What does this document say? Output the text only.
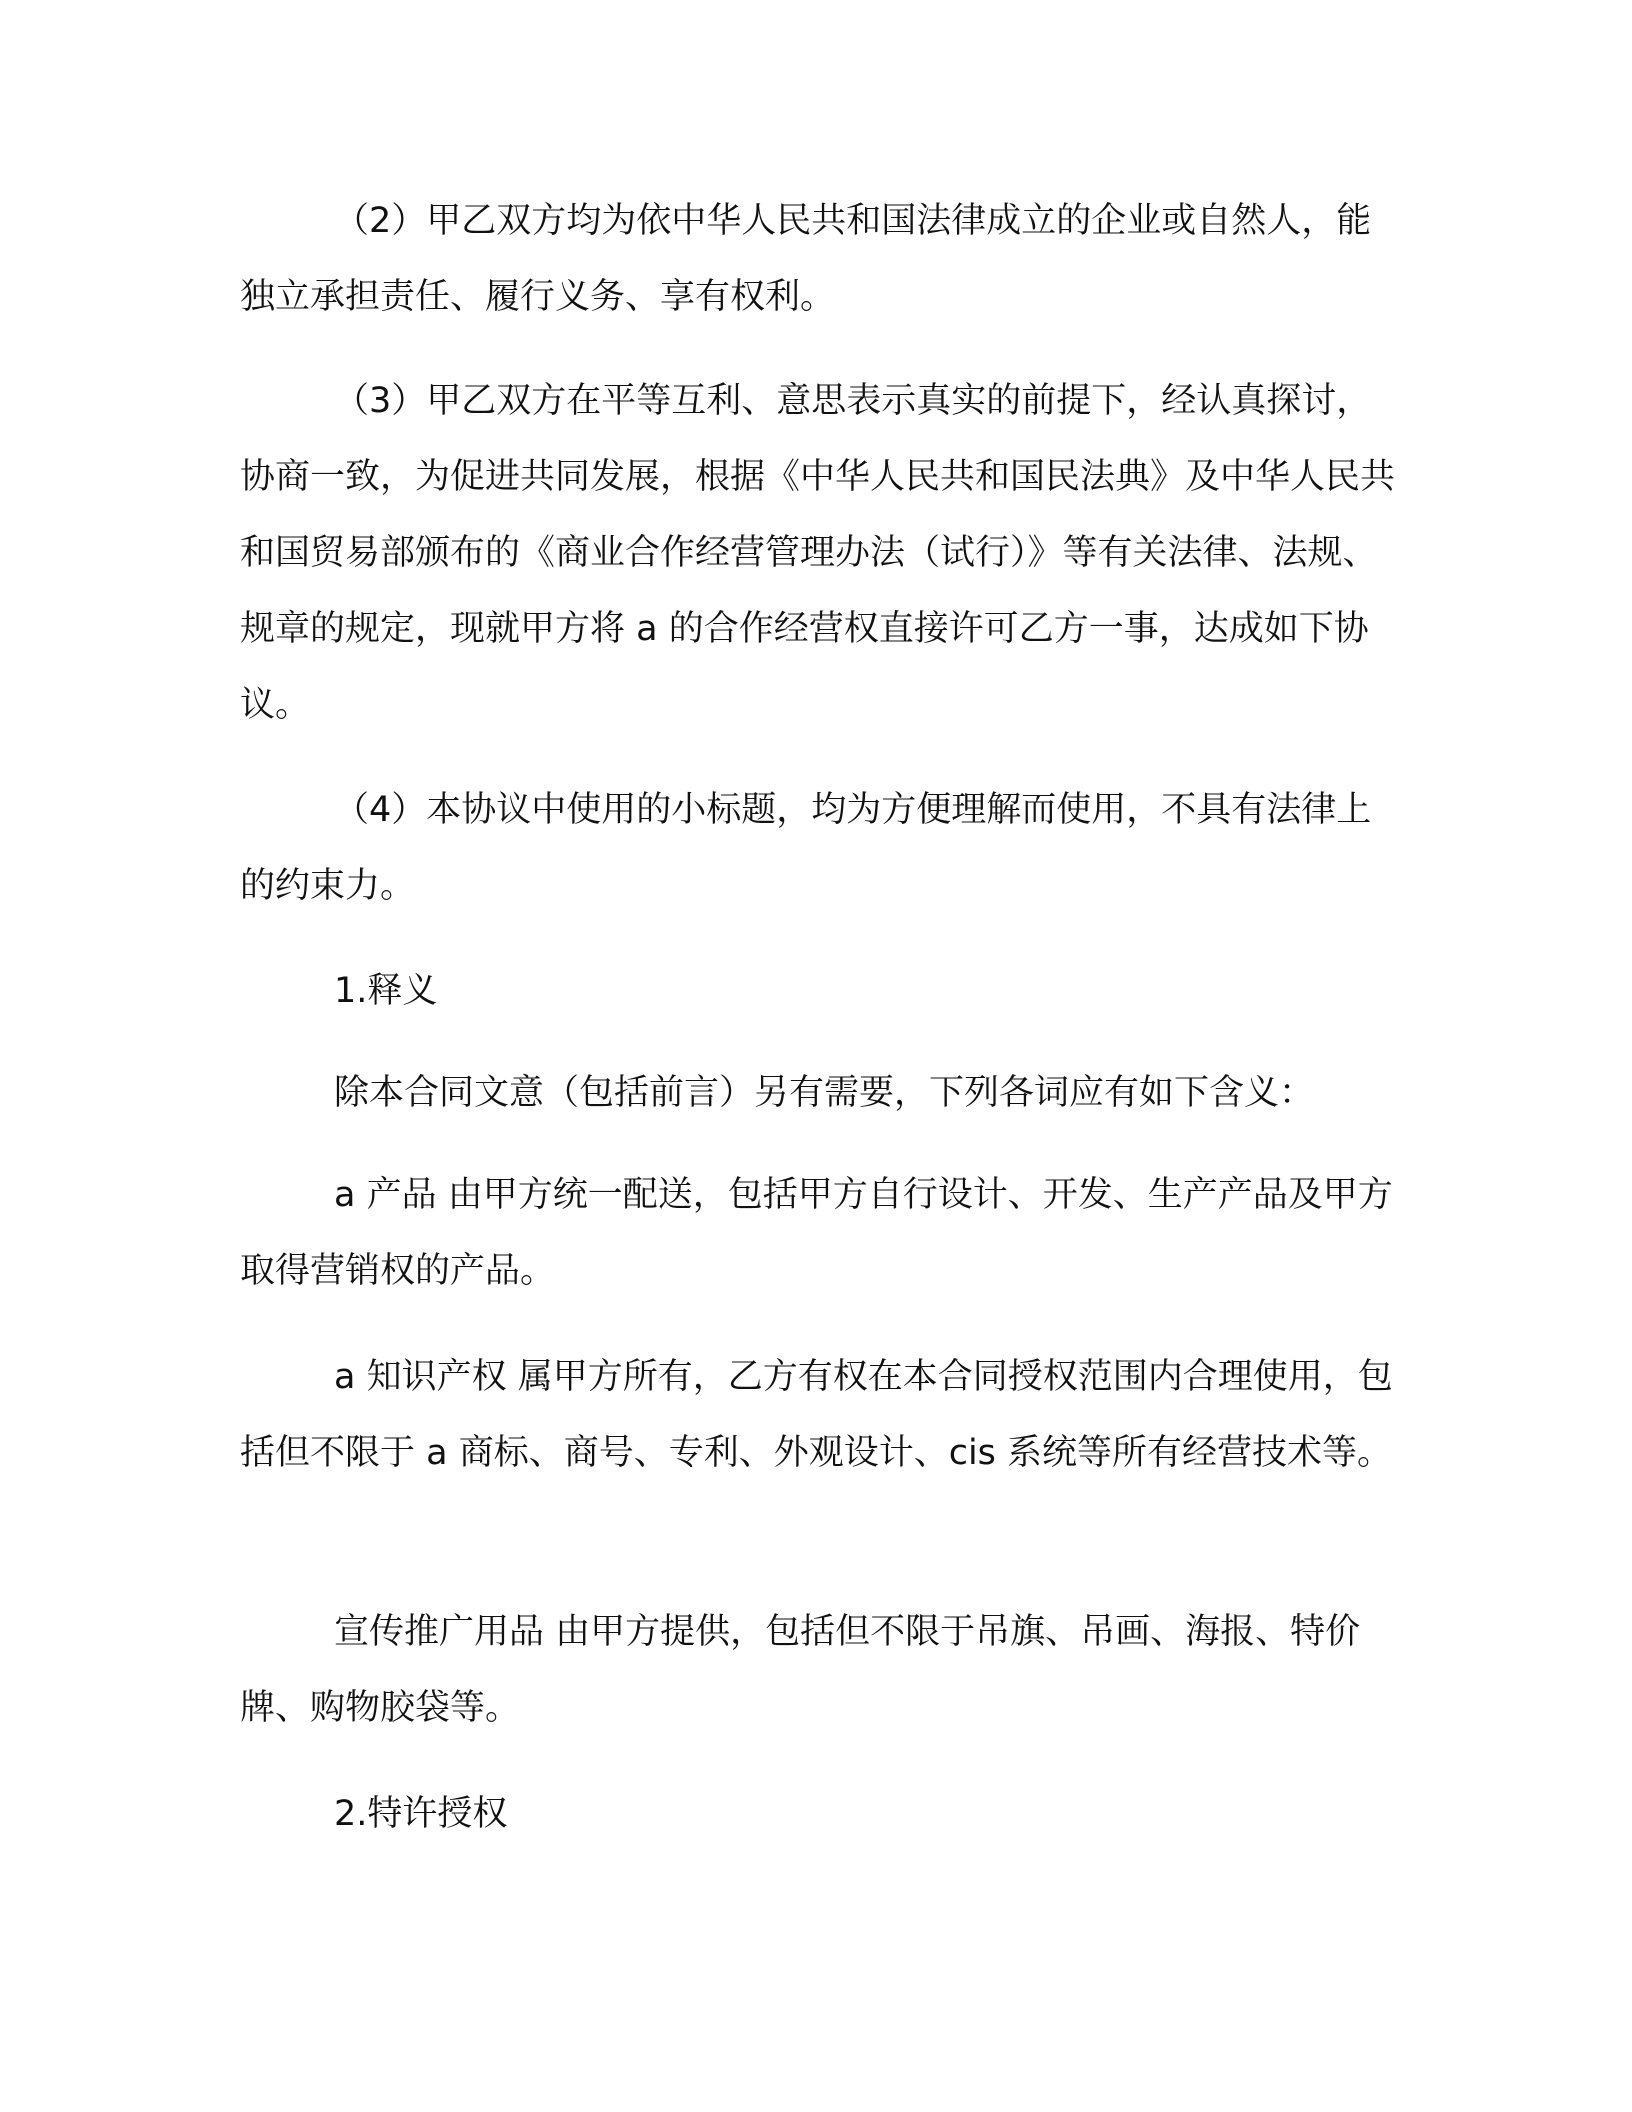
（2）甲乙双方均为依中华人民共和国法律成立的企业或自然人，能独立承担责任、履行义务、享有权利。

（3）甲乙双方在平等互利、意思表示真实的前提下，经认真探讨，协商一致，为促进共同发展，根据《中华人民共和国民法典》及中华人民共和国贸易部颁布的《商业合作经营管理办法（试行）》等有关法律、法规、规章的规定，现就甲方将 a 的合作经营权直接许可乙方一事，达成如下协议。

（4）本协议中使用的小标题，均为方便理解而使用，不具有法律上的约束力。

1.释义

除本合同文意（包括前言）另有需要，下列各词应有如下含义：

a 产品 由甲方统一配送，包括甲方自行设计、开发、生产产品及甲方取得营销权的产品。

a 知识产权 属甲方所有，乙方有权在本合同授权范围内合理使用，包括但不限于 a 商标、商号、专利、外观设计、cis 系统等所有经营技术等。

宣传推广用品 由甲方提供，包括但不限于吊旗、吊画、海报、特价牌、购物胶袋等。

2.特许授权
